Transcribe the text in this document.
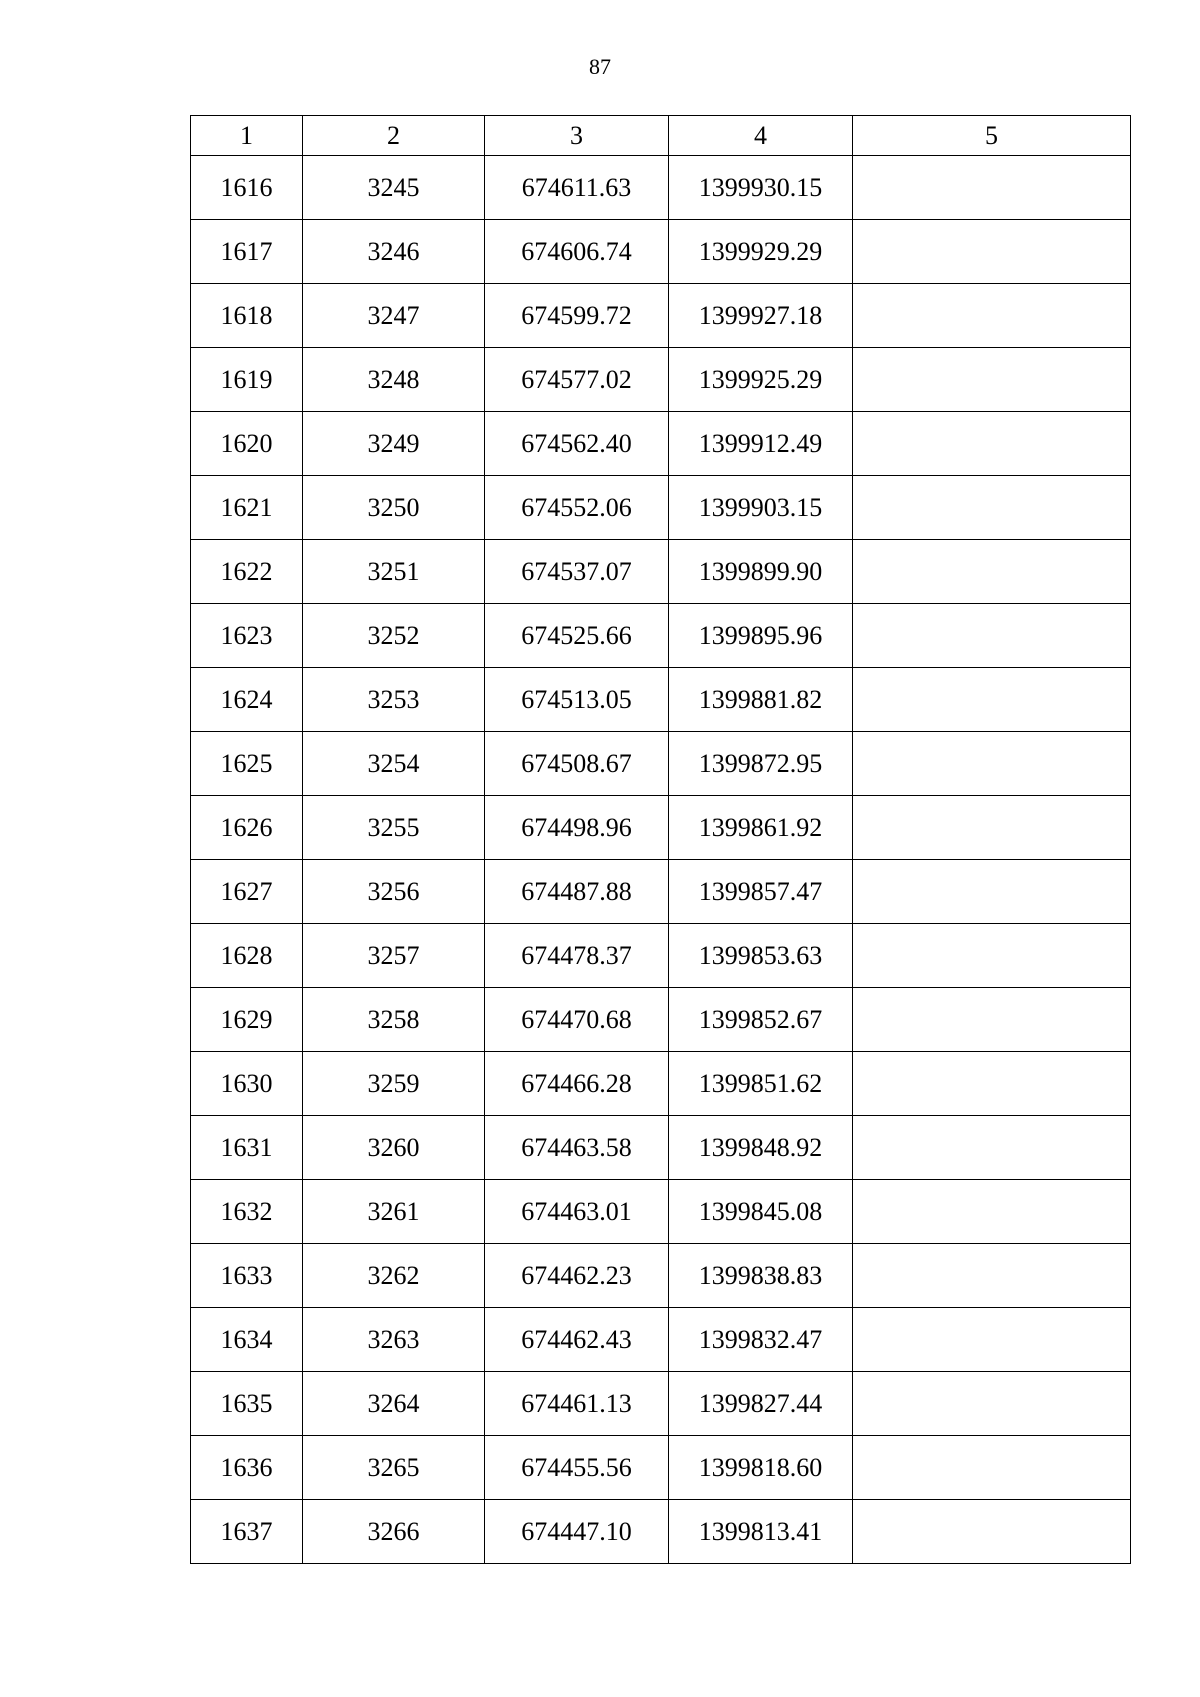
87
1	2	3	4	5
1616	3245	674611.63	1399930.15	
1617	3246	674606.74	1399929.29	
1618	3247	674599.72	1399927.18	
1619	3248	674577.02	1399925.29	
1620	3249	674562.40	1399912.49	
1621	3250	674552.06	1399903.15	
1622	3251	674537.07	1399899.90	
1623	3252	674525.66	1399895.96	
1624	3253	674513.05	1399881.82	
1625	3254	674508.67	1399872.95	
1626	3255	674498.96	1399861.92	
1627	3256	674487.88	1399857.47	
1628	3257	674478.37	1399853.63	
1629	3258	674470.68	1399852.67	
1630	3259	674466.28	1399851.62	
1631	3260	674463.58	1399848.92	
1632	3261	674463.01	1399845.08	
1633	3262	674462.23	1399838.83	
1634	3263	674462.43	1399832.47	
1635	3264	674461.13	1399827.44	
1636	3265	674455.56	1399818.60	
1637	3266	674447.10	1399813.41	
